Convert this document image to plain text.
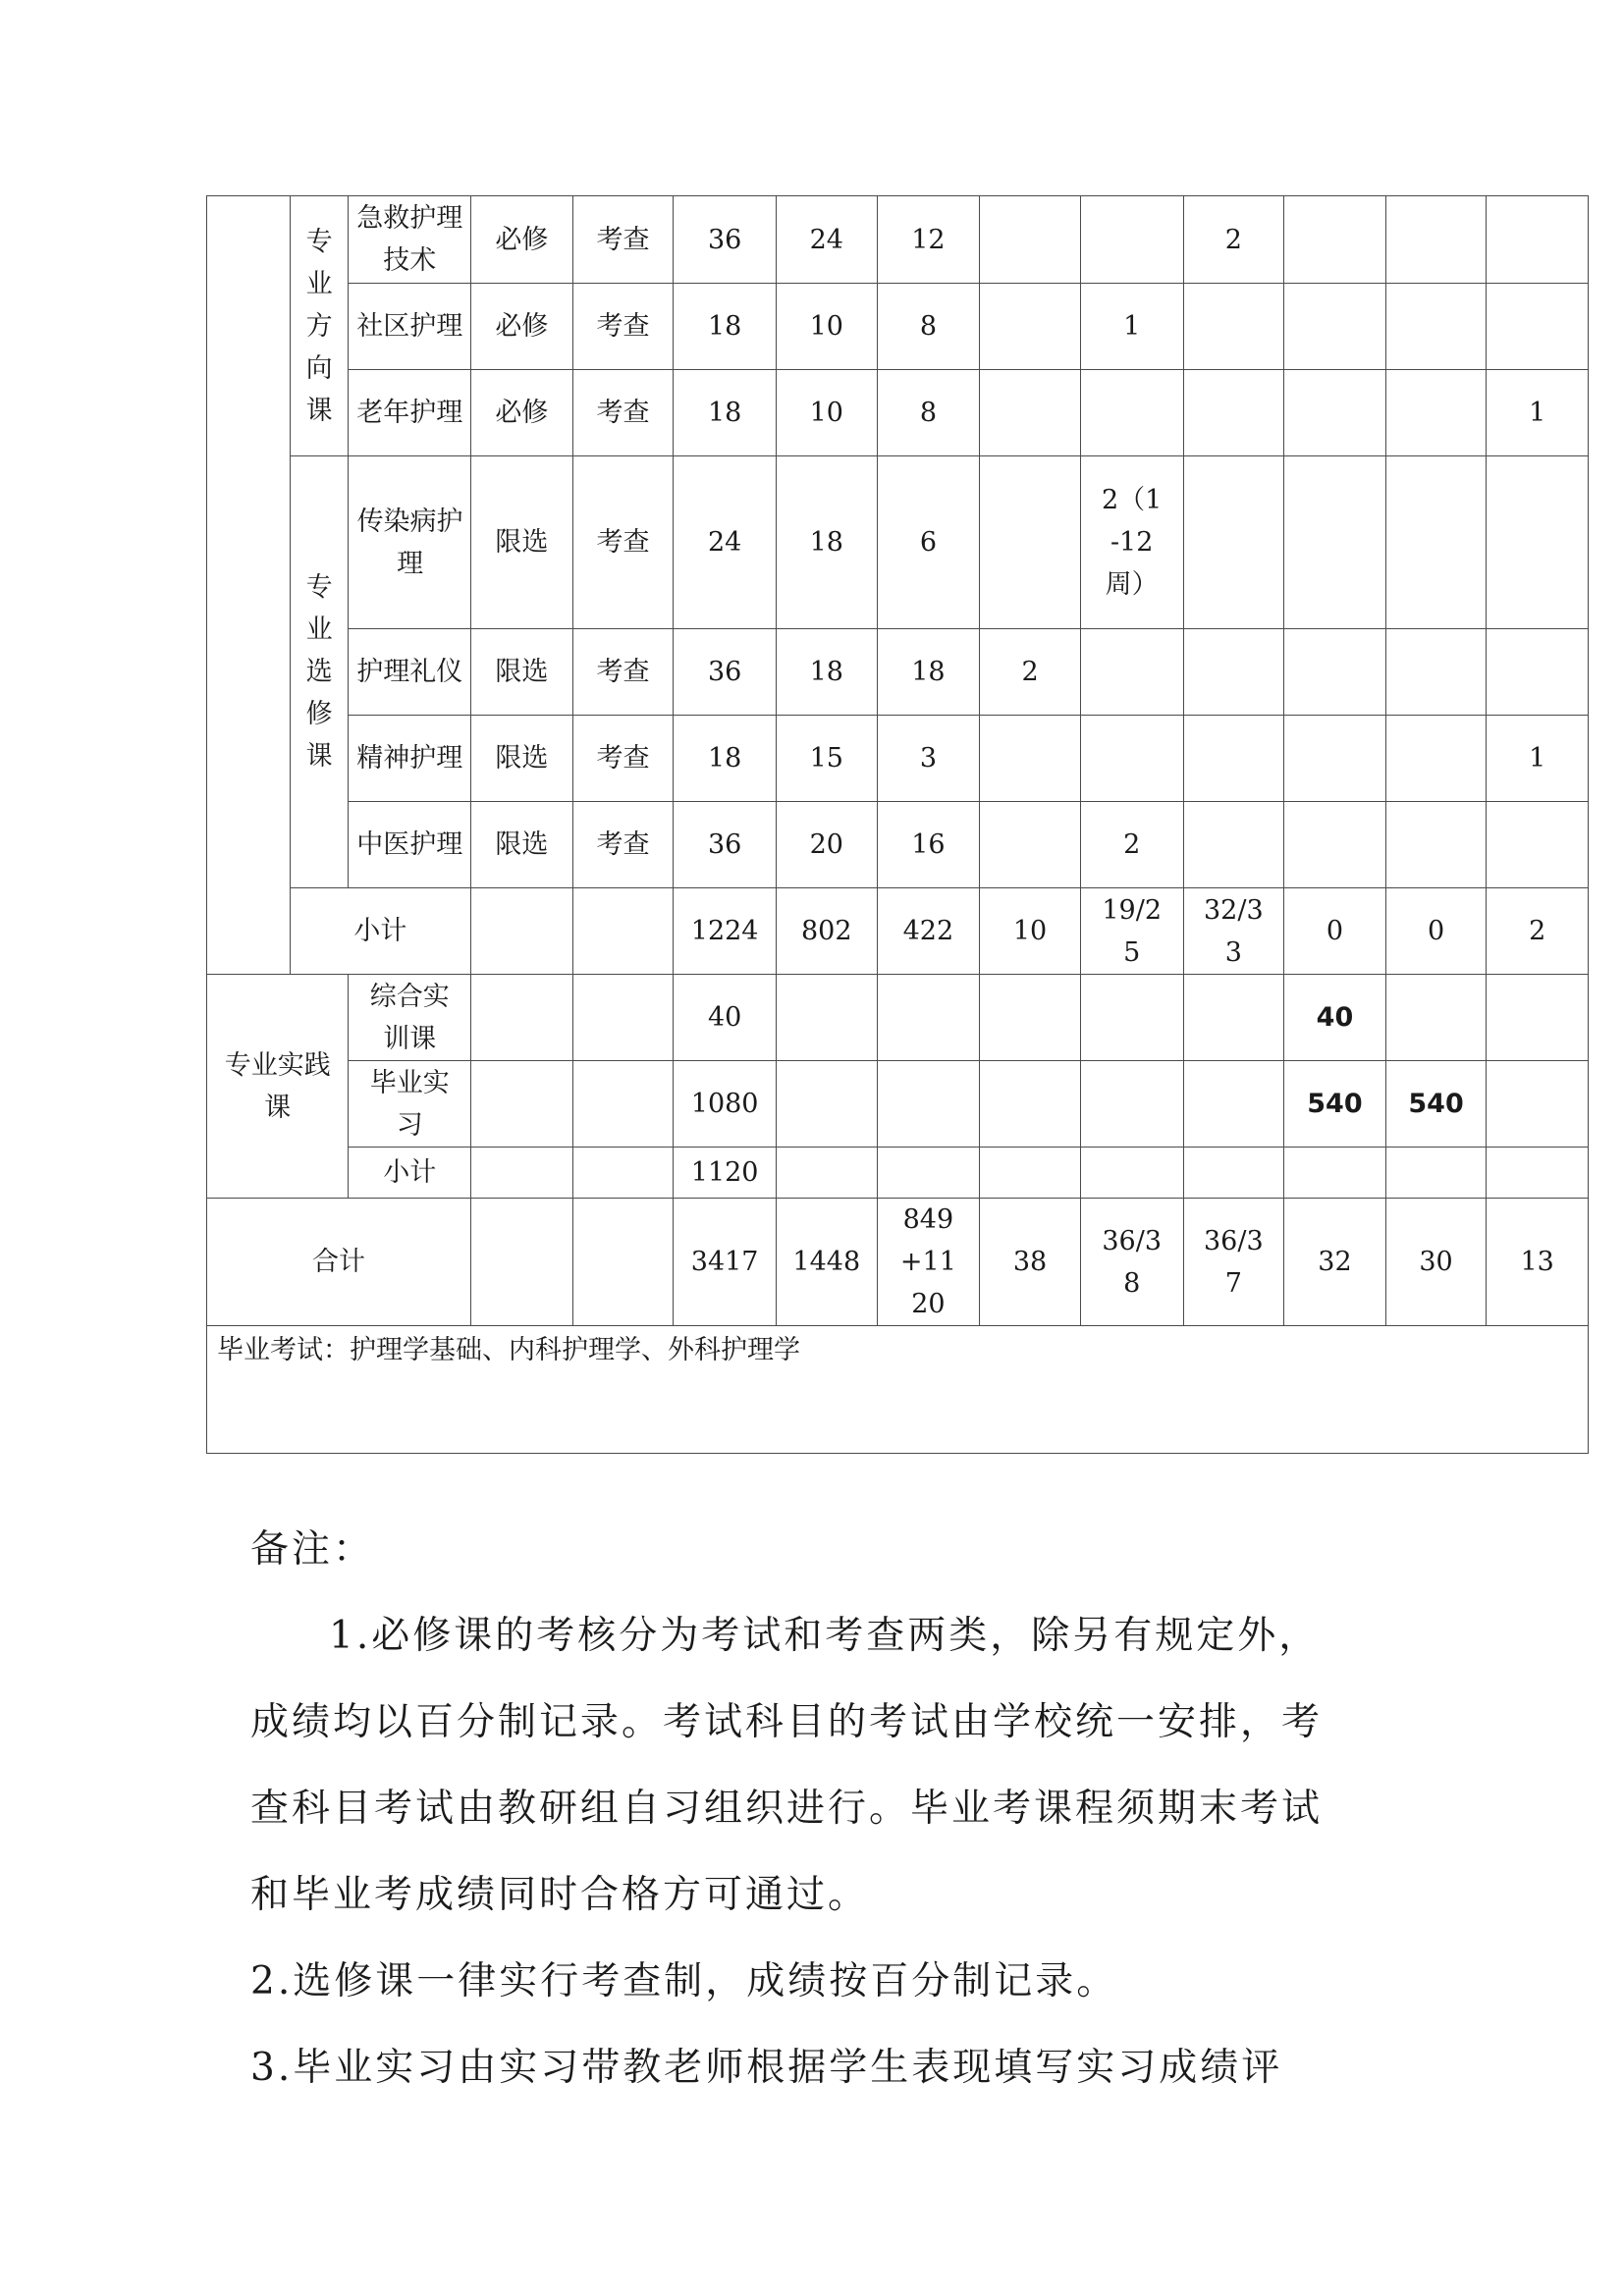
	专业方向课	急救护理技术	必修	考查	36	24	12			2			
		社区护理	必修	考查	18	10	8		1				
		老年护理	必修	考查	18	10	8						1

	专业选修课	传染病护理	限选	考查	24	18	6		2（1-12周）				

		护理礼仪	限选	考查	36	18	18	2					
		精神护理	限选	考查	18	15	3						1
		中医护理	限选	考查	36	20	16		2				
	小计				1224	802	422	10	19/25	32/33	0	0	2

专业实践课		综合实训课			40						40		

		毕业实习			1080						540	540	
		小计			1120								
合计					3417	1448	849+1120	38	36/38	36/37	32	30	13
毕业考试：护理学基础、内科护理学、外科护理学													

备注：

1.必修课的考核分为考试和考查两类，除另有规定外，

成绩均以百分制记录。考试科目的考试由学校统一安排，考

查科目考试由教研组自习组织进行。毕业考课程须期末考试

和毕业考成绩同时合格方可通过。

2.选修课一律实行考查制，成绩按百分制记录。

3.毕业实习由实习带教老师根据学生表现填写实习成绩评
